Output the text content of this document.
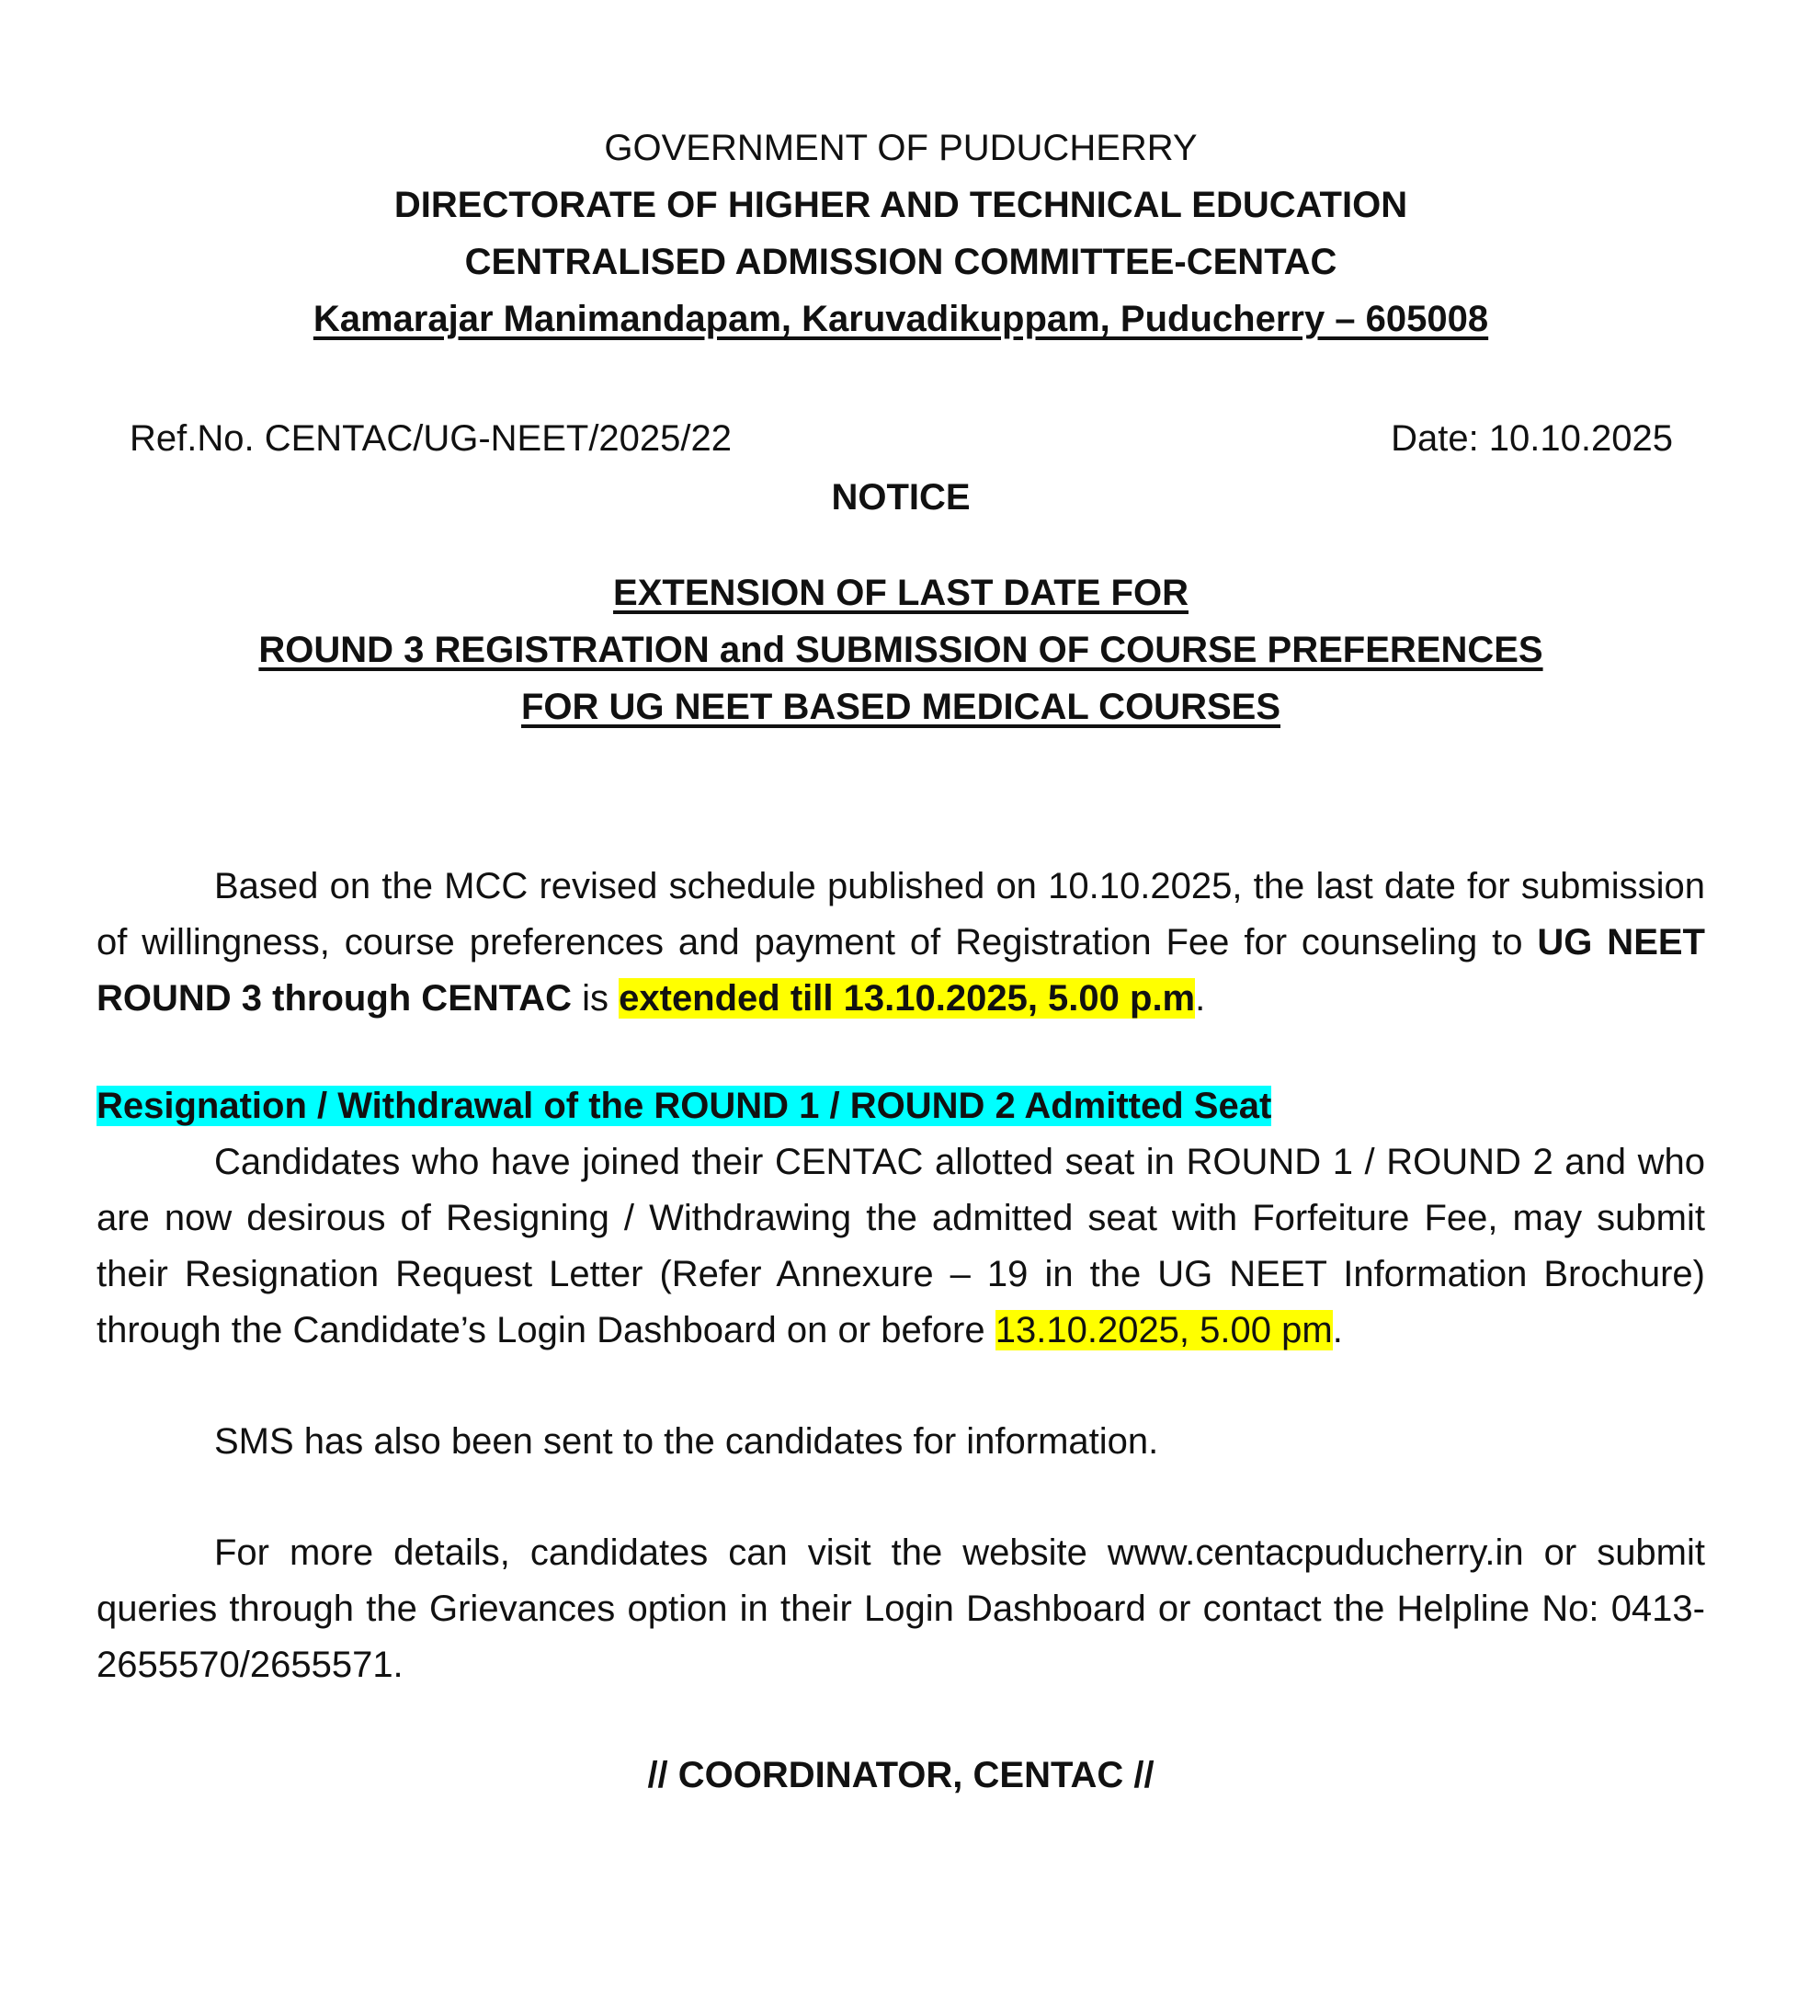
GOVERNMENT OF PUDUCHERRY
DIRECTORATE OF HIGHER AND TECHNICAL EDUCATION
CENTRALISED ADMISSION COMMITTEE-CENTAC
Kamarajar Manimandapam, Karuvadikuppam, Puducherry – 605008
Ref.No. CENTAC/UG-NEET/2025/22	Date: 10.10.2025
NOTICE
EXTENSION OF LAST DATE FOR
ROUND 3 REGISTRATION and SUBMISSION OF COURSE PREFERENCES
FOR UG NEET BASED MEDICAL COURSES

Based on the MCC revised schedule published on 10.10.2025, the last date for submission of willingness, course preferences and payment of Registration Fee for counseling to UG NEET ROUND 3 through CENTAC is extended till 13.10.2025, 5.00 p.m.

Resignation / Withdrawal of the ROUND 1 / ROUND 2 Admitted Seat

Candidates who have joined their CENTAC allotted seat in ROUND 1 / ROUND 2 and who are now desirous of Resigning / Withdrawing the admitted seat with Forfeiture Fee, may submit their Resignation Request Letter (Refer Annexure – 19 in the UG NEET Information Brochure) through the Candidate’s Login Dashboard on or before 13.10.2025, 5.00 pm.

SMS has also been sent to the candidates for information.

For more details, candidates can visit the website www.centacpuducherry.in or submit queries through the Grievances option in their Login Dashboard or contact the Helpline No: 0413-2655570/2655571.

// COORDINATOR, CENTAC //
